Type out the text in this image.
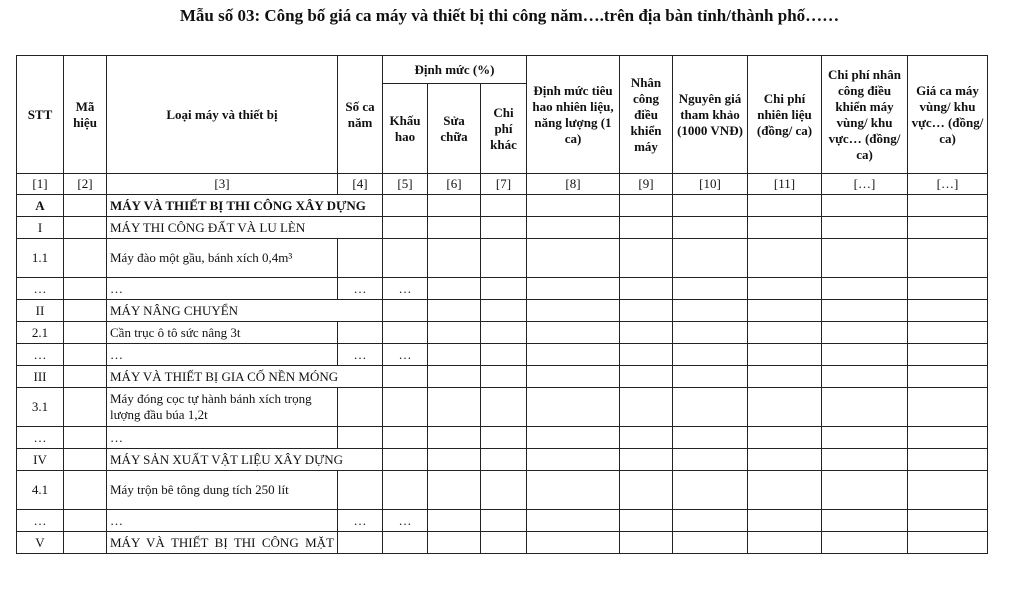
Mẫu số 03: Công bố giá ca máy và thiết bị thi công năm….trên địa bàn tỉnh/thành phố……
STT	Mã hiệu	Loại máy và thiết bị	Số ca năm	Định mức (%)			Định mức tiêu hao nhiên liệu, năng lượng (1 ca)	Nhân công điều khiển máy	Nguyên giá tham khảo (1000 VNĐ)	Chi phí nhiên liệu (đồng/ ca)	Chi phí nhân công điều khiển máy vùng/ khu vực… (đồng/ ca)	Giá ca máy vùng/ khu vực… (đồng/ ca)
				Khấu hao	Sửa chữa	Chi phí khác						
[1]	[2]	[3]	[4]	[5]	[6]	[7]	[8]	[9]	[10]	[11]	[…]	[…]
A		MÁY VÀ THIẾT BỊ THI CÔNG XÂY DỰNG										
I		MÁY THI CÔNG ĐẤT VÀ LU LÈN										
1.1		Máy đào một gầu, bánh xích 0,4m³										
…		…	…	…								
II		MÁY NÂNG CHUYỂN										
2.1		Cần trục ô tô sức nâng 3t										
…		…	…	…								
III		MÁY VÀ THIẾT BỊ GIA CỐ NỀN MÓNG										
3.1		Máy đóng cọc tự hành bánh xích trọng lượng đầu búa 1,2t										
…		…										
IV		MÁY SẢN XUẤT VẬT LIỆU XÂY DỰNG										
4.1		Máy trộn bê tông dung tích 250 lít										
…		…	…	…								
V		MÁY VÀ THIẾT BỊ THI CÔNG MẶT										
